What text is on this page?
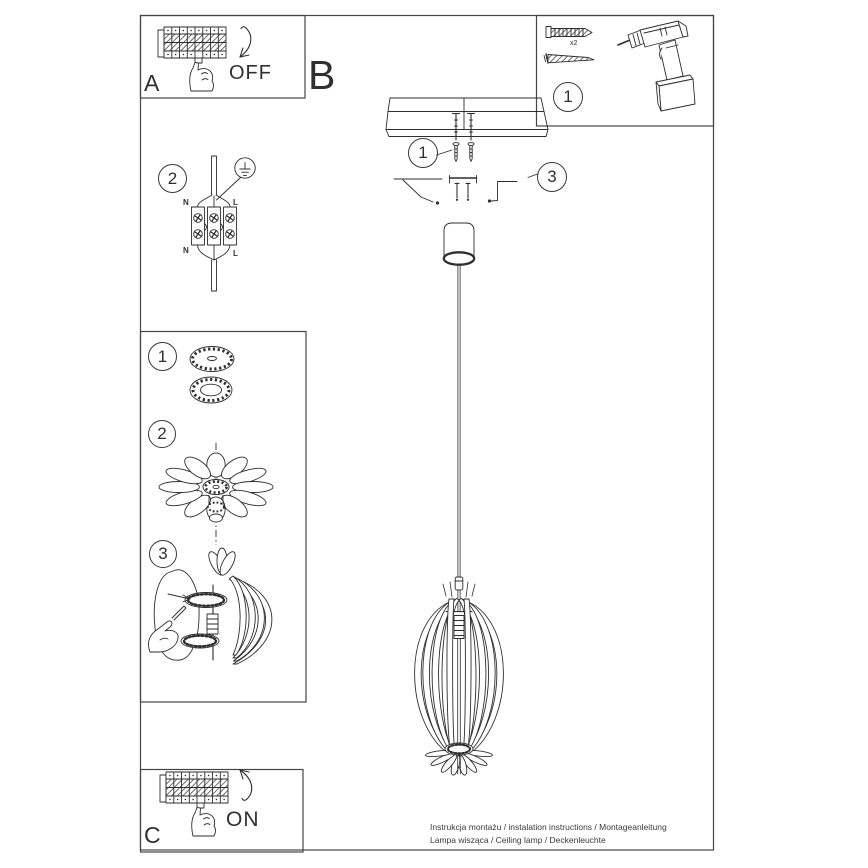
A	OFF B
C
ON
x2
N	L
N	L
1
3
1
2
1
2
3
Instrukcja montażu / instalation instructions / Montageanleitung
Lampa wisząca / Ceiling lamp / Deckenleuchte
